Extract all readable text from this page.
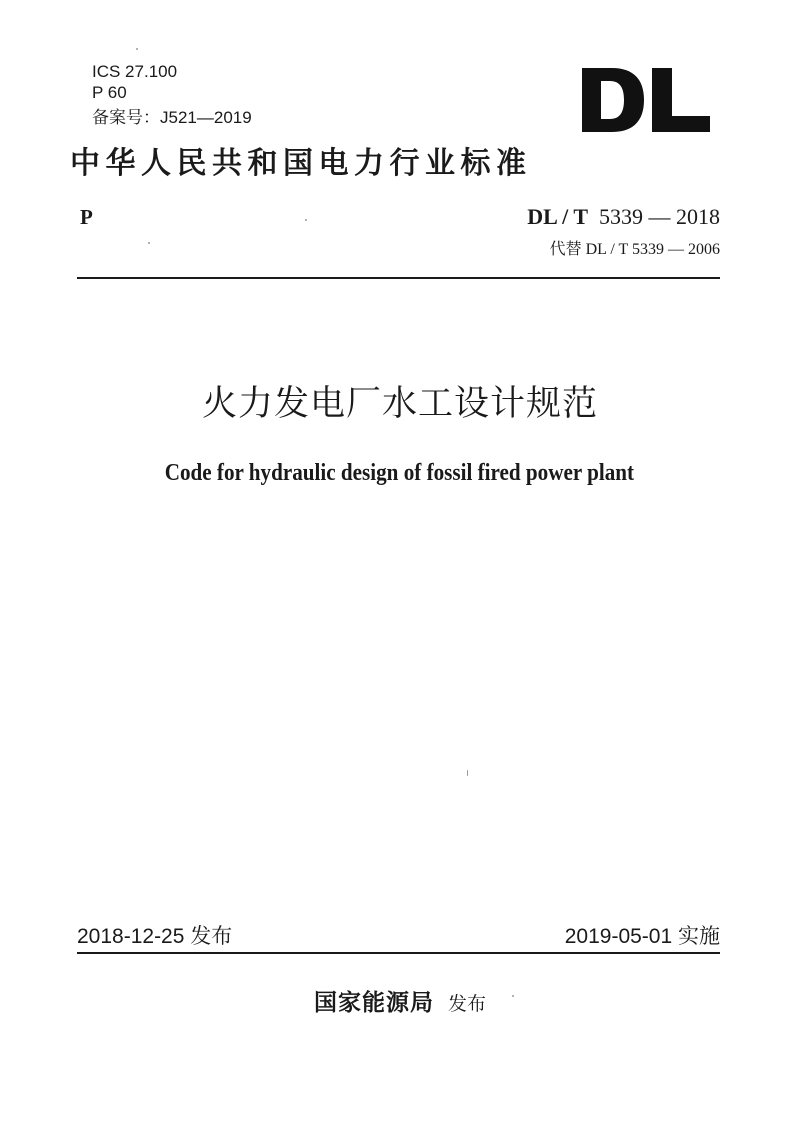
ICS 27.100
P 60
备案号：J521—2019
中华人民共和国电力行业标准
P	DL / T 5339 — 2018
代替 DL / T 5339 — 2006
火力发电厂水工设计规范
Code for hydraulic design of fossil fired power plant
2018-12-25 发布	2019-05-01 实施
国家能源局 发布
